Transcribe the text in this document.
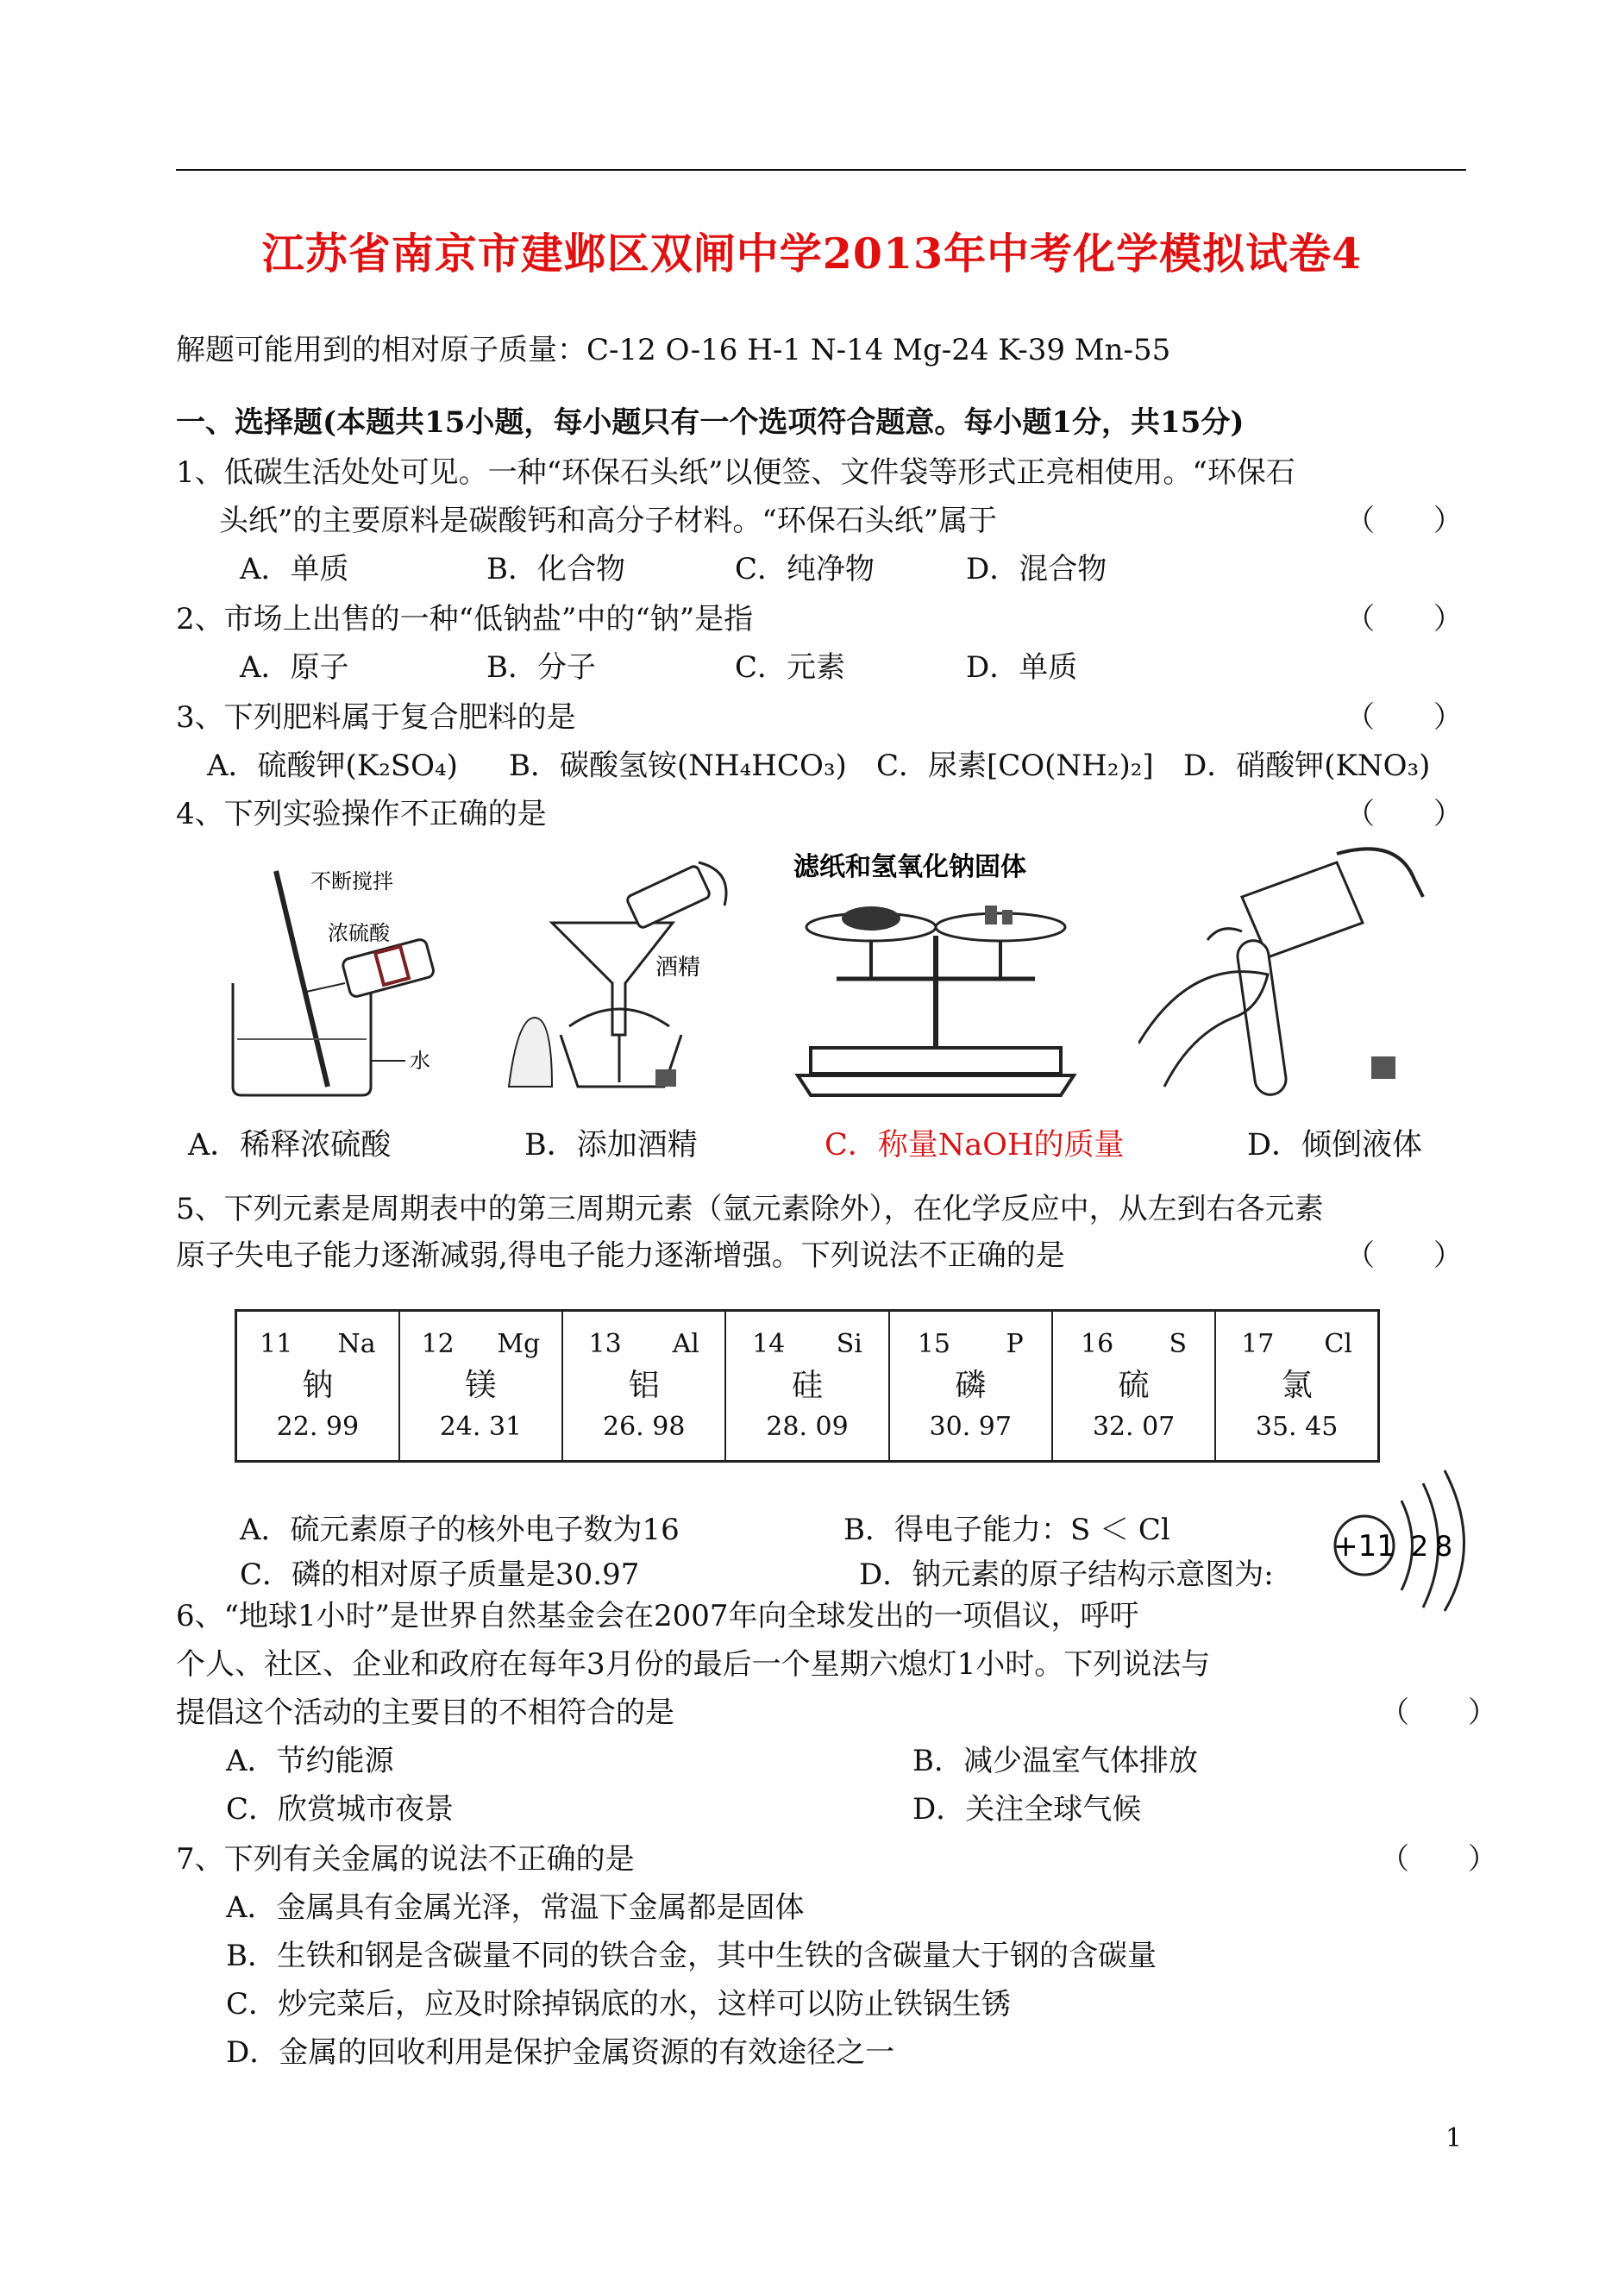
江苏省南京市建邺区双闸中学2013年中考化学模拟试卷4
解题可能用到的相对原子质量：C-12 O-16 H-1 N-14 Mg-24 K-39 Mn-55
一、选择题(本题共15小题，每小题只有一个选项符合题意。每小题1分，共15分)
1、低碳生活处处可见。一种“环保石头纸”以便签、文件袋等形式正亮相使用。“环保石
头纸”的主要原料是碳酸钙和高分子材料。“环保石头纸”属于	（　　）
A．单质	B．化合物	C．纯净物	D．混合物
2、市场上出售的一种“低钠盐”中的“钠”是指	（　　）
A．原子	B．分子	C．元素	D．单质
3、下列肥料属于复合肥料的是	（　　）
A．硫酸钾(K₂SO₄) B．碳酸氢铵(NH₄HCO₃) C．尿素[CO(NH₂)₂] D．硝酸钾(KNO₃)
4、下列实验操作不正确的是	（　　）
不断搅拌
浓硫酸
水
酒精
滤纸和氢氧化钠固体
A．稀释浓硫酸	B．添加酒精	C．称量NaOH的质量	D．倾倒液体
5、下列元素是周期表中的第三周期元素（氩元素除外），在化学反应中，从左到右各元素
原子失电子能力逐渐减弱,得电子能力逐渐增强。下列说法不正确的是	（　　）
11 Na
钠
22. 99

12 Mg
镁
24. 31

13 Al
铝
26. 98

14 Si
硅
28. 09

15 P
磷
30. 97

16 S
硫
32. 07

17 Cl
氯
35. 45
A．硫元素原子的核外电子数为16	B．得电子能力：S ＜ Cl
C．磷的相对原子质量是30.97	D．钠元素的原子结构示意图为:
+11 2 8
6、“地球1小时”是世界自然基金会在2007年向全球发出的一项倡议，呼吁
个人、社区、企业和政府在每年3月份的最后一个星期六熄灯1小时。下列说法与
提倡这个活动的主要目的不相符合的是	（　　）
A．节约能源	B．减少温室气体排放
C．欣赏城市夜景	D．关注全球气候
7、下列有关金属的说法不正确的是	（　　）
A．金属具有金属光泽，常温下金属都是固体
B．生铁和钢是含碳量不同的铁合金，其中生铁的含碳量大于钢的含碳量
C．炒完菜后，应及时除掉锅底的水，这样可以防止铁锅生锈
D．金属的回收利用是保护金属资源的有效途径之一
1
